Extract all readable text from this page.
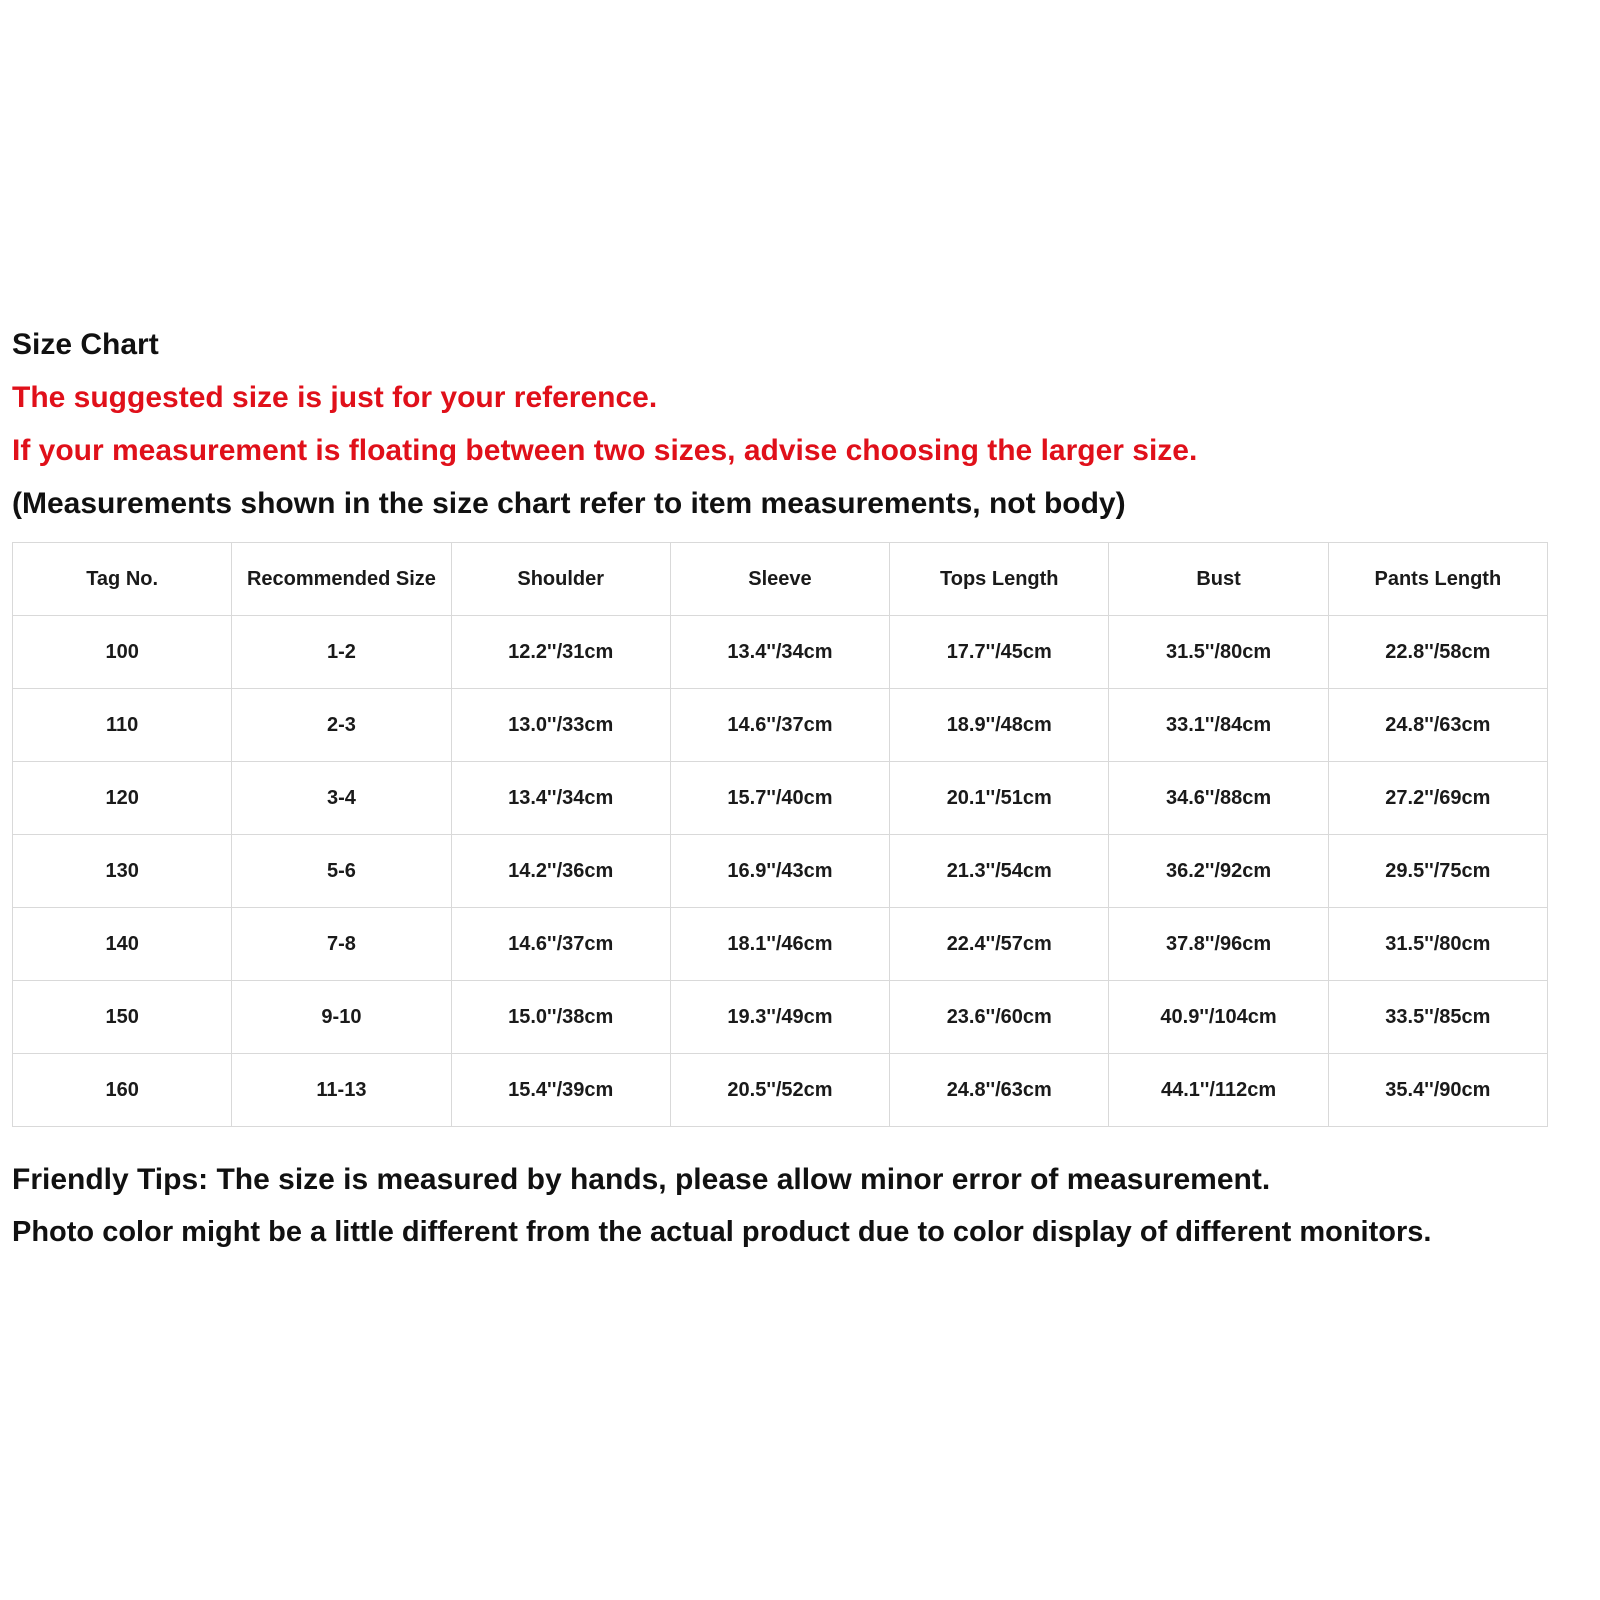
Size Chart
The suggested size is just for your reference.
If your measurement is floating between two sizes, advise choosing the larger size.
(Measurements shown in the size chart refer to item measurements, not body)
Tag No.	Recommended Size	Shoulder	Sleeve	Tops Length	Bust	Pants Length
100	1-2	12.2''/31cm	13.4''/34cm	17.7''/45cm	31.5''/80cm	22.8''/58cm
110	2-3	13.0''/33cm	14.6''/37cm	18.9''/48cm	33.1''/84cm	24.8''/63cm
120	3-4	13.4''/34cm	15.7''/40cm	20.1''/51cm	34.6''/88cm	27.2''/69cm
130	5-6	14.2''/36cm	16.9''/43cm	21.3''/54cm	36.2''/92cm	29.5''/75cm
140	7-8	14.6''/37cm	18.1''/46cm	22.4''/57cm	37.8''/96cm	31.5''/80cm
150	9-10	15.0''/38cm	19.3''/49cm	23.6''/60cm	40.9''/104cm	33.5''/85cm
160	11-13	15.4''/39cm	20.5''/52cm	24.8''/63cm	44.1''/112cm	35.4''/90cm
Friendly Tips: The size is measured by hands, please allow minor error of measurement.
Photo color might be a little different from the actual product due to color display of different monitors.
